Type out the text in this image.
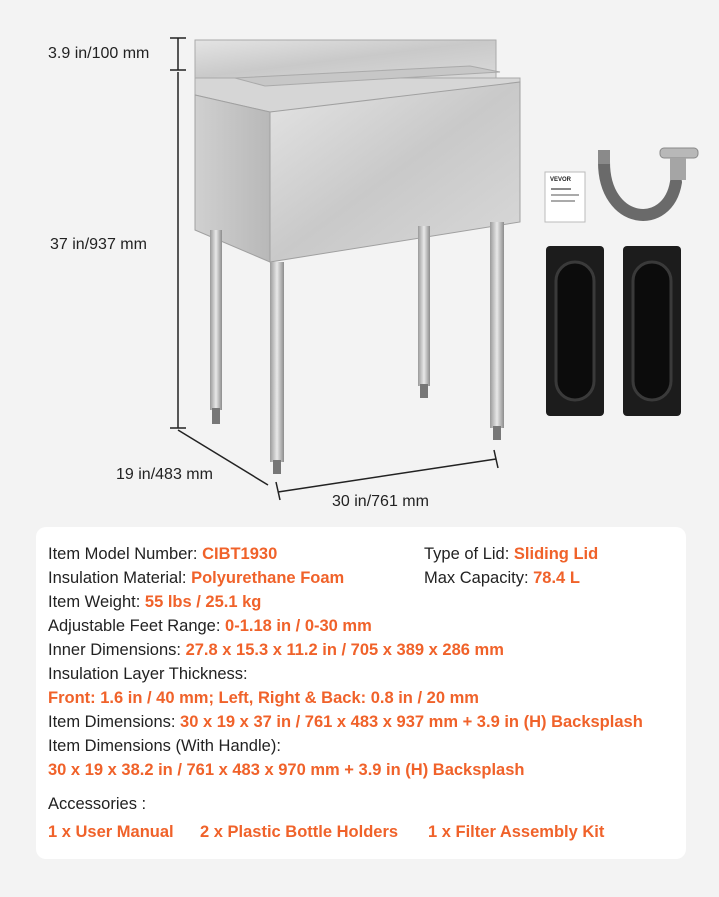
3.9 in/100 mm
37 in/937 mm
19 in/483 mm
30 in/761 mm
VEVOR
Item Model Number: CIBT1930	Type of Lid: Sliding Lid
Insulation Material: Polyurethane Foam	Max Capacity: 78.4 L
Item Weight: 55 lbs / 25.1 kg
Adjustable Feet Range: 0-1.18 in / 0-30 mm
Inner Dimensions: 27.8 x 15.3 x 11.2 in / 705 x 389 x 286 mm
Insulation Layer Thickness:
Front: 1.6 in / 40 mm; Left, Right & Back: 0.8 in / 20 mm
Item Dimensions: 30 x 19 x 37 in / 761 x 483 x 937 mm + 3.9 in (H) Backsplash
Item Dimensions (With Handle):
30 x 19 x 38.2 in / 761 x 483 x 970 mm + 3.9 in (H) Backsplash
Accessories :
1 x User Manual 2 x Plastic Bottle Holders 1 x Filter Assembly Kit
